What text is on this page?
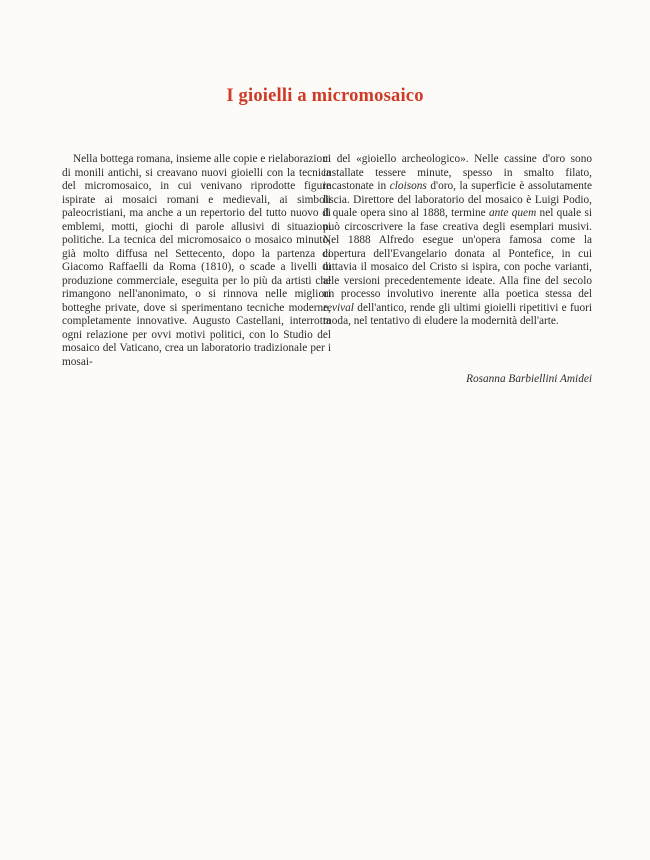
I gioielli a micromosaico

Nella bottega romana, insieme alle copie e rielaborazioni di monili antichi, si creavano nuovi gioielli con la tecnica del micromosaico, in cui venivano riprodotte figure ispirate ai mosaici romani e medievali, ai simboli paleocristiani, ma anche a un repertorio del tutto nuovo di emblemi, motti, giochi di parole allusivi di situazioni politiche. La tecnica del micromosaico o mosaico minuto, già molto diffusa nel Settecento, dopo la partenza di Giacomo Raffaelli da Roma (1810), o scade a livelli di produzione commerciale, eseguita per lo più da artisti che rimangono nell'anonimato, o si rinnova nelle migliori botteghe private, dove si sperimentano tecniche moderne, completamente innovative. Augusto Castellani, interrotta ogni relazione per ovvi motivi politici, con lo Studio del mosaico del Vaticano, crea un laboratorio tradizionale per i mosai-

ci del «gioiello archeologico». Nelle cassine d'oro sono installate tessere minute, spesso in smalto filato, incastonate in cloisons d'oro, la superficie è assolutamente liscia. Direttore del laboratorio del mosaico è Luigi Podio, il quale opera sino al 1888, termine ante quem nel quale si può circoscrivere la fase creativa degli esemplari musivi. Nel 1888 Alfredo esegue un'opera famosa come la copertura dell'Evangelario donata al Pontefice, in cui tuttavia il mosaico del Cristo si ispira, con poche varianti, alle versioni precedentemente ideate. Alla fine del secolo un processo involutivo inerente alla poetica stessa del revival dell'antico, rende gli ultimi gioielli ripetitivi e fuori moda, nel tentativo di eludere la modernità dell'arte.

Rosanna Barbiellini Amidei
